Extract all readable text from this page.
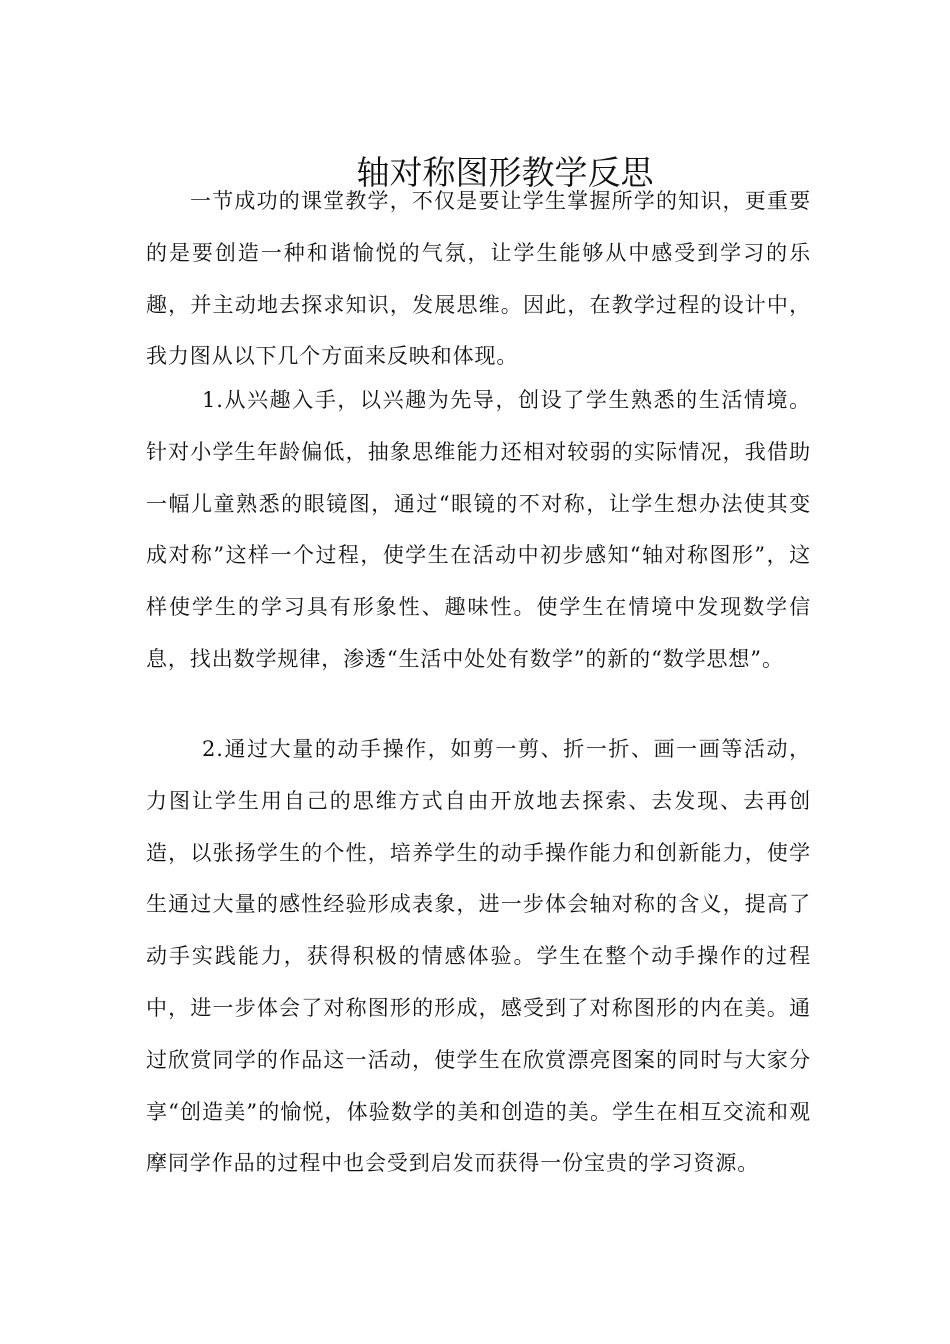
轴对称图形教学反思

一节成功的课堂教学，不仅是要让学生掌握所学的知识，更重要的是要创造一种和谐愉悦的气氛，让学生能够从中感受到学习的乐趣，并主动地去探求知识，发展思维。因此，在教学过程的设计中，我力图从以下几个方面来反映和体现。

1.从兴趣入手，以兴趣为先导，创设了学生熟悉的生活情境。针对小学生年龄偏低，抽象思维能力还相对较弱的实际情况，我借助一幅儿童熟悉的眼镜图，通过“眼镜的不对称，让学生想办法使其变成对称”这样一个过程，使学生在活动中初步感知“轴对称图形”，这样使学生的学习具有形象性、趣味性。使学生在情境中发现数学信息，找出数学规律，渗透“生活中处处有数学”的新的“数学思想”。

2.通过大量的动手操作，如剪一剪、折一折、画一画等活动，力图让学生用自己的思维方式自由开放地去探索、去发现、去再创造，以张扬学生的个性，培养学生的动手操作能力和创新能力，使学生通过大量的感性经验形成表象，进一步体会轴对称的含义，提高了动手实践能力，获得积极的情感体验。学生在整个动手操作的过程中，进一步体会了对称图形的形成，感受到了对称图形的内在美。通过欣赏同学的作品这一活动，使学生在欣赏漂亮图案的同时与大家分享“创造美”的愉悦，体验数学的美和创造的美。学生在相互交流和观摩同学作品的过程中也会受到启发而获得一份宝贵的学习资源。
